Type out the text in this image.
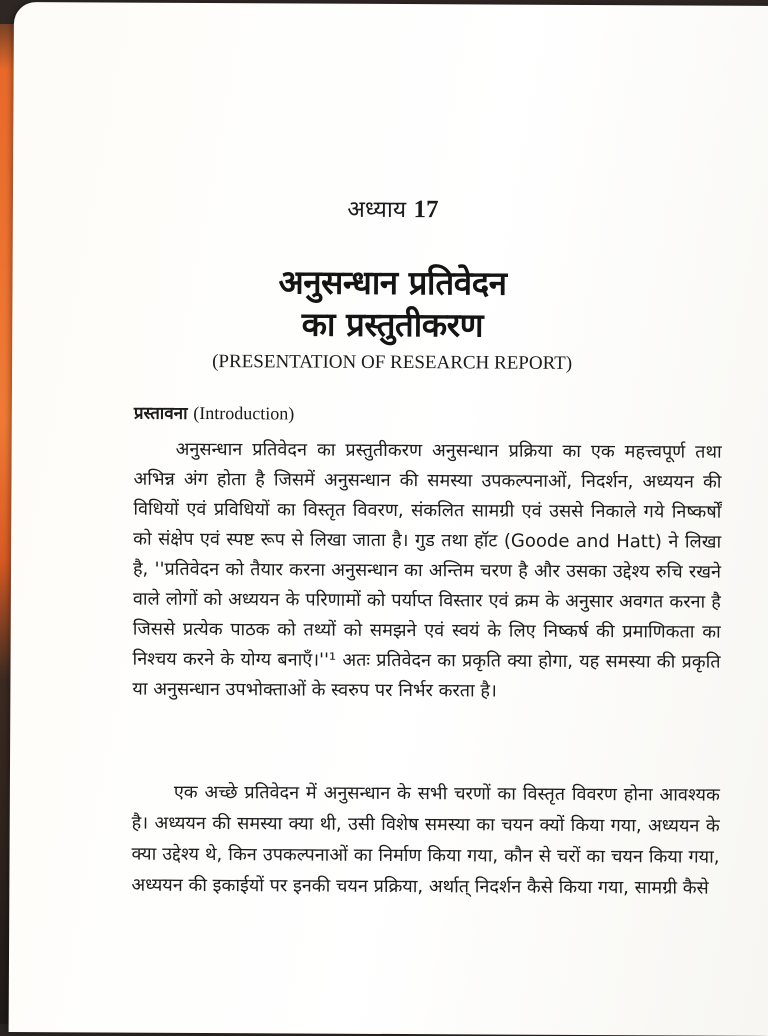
अध्याय 17
अनुसन्धान प्रतिवेदन
का प्रस्तुतीकरण
(PRESENTATION OF RESEARCH REPORT)
प्रस्तावना (Introduction)

अनुसन्धान प्रतिवेदन का प्रस्तुतीकरण अनुसन्धान प्रक्रिया का एक महत्त्वपूर्ण तथा अभिन्न अंग होता है जिसमें अनुसन्धान की समस्या उपकल्पनाओं, निदर्शन, अध्ययन की विधियों एवं प्रविधियों का विस्तृत विवरण, संकलित सामग्री एवं उससे निकाले गये निष्कर्षों को संक्षेप एवं स्पष्ट रूप से लिखा जाता है। गुड तथा हॉट (Goode and Hatt) ने लिखा है, ''प्रतिवेदन को तैयार करना अनुसन्धान का अन्तिम चरण है और उसका उद्देश्य रुचि रखने वाले लोगों को अध्ययन के परिणामों को पर्याप्त विस्तार एवं क्रम के अनुसार अवगत करना है जिससे प्रत्येक पाठक को तथ्यों को समझने एवं स्वयं के लिए निष्कर्ष की प्रमाणिकता का निश्चय करने के योग्य बनाएँ।''¹ अतः प्रतिवेदन का प्रकृति क्या होगा, यह समस्या की प्रकृति या अनुसन्धान उपभोक्ताओं के स्वरुप पर निर्भर करता है।

एक अच्छे प्रतिवेदन में अनुसन्धान के सभी चरणों का विस्तृत विवरण होना आवश्यक है। अध्ययन की समस्या क्या थी, उसी विशेष समस्या का चयन क्यों किया गया, अध्ययन के क्या उद्देश्य थे, किन उपकल्पनाओं का निर्माण किया गया, कौन से चरों का चयन किया गया, अध्ययन की इकाईयों पर इनकी चयन प्रक्रिया, अर्थात् निदर्शन कैसे किया गया, सामग्री कैसे
